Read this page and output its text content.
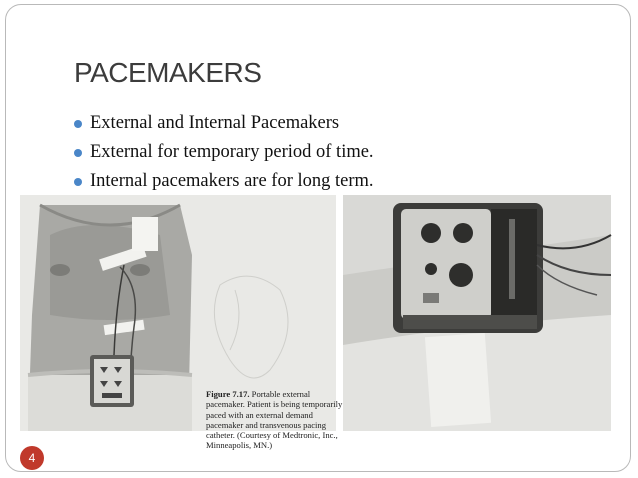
PACEMAKERS
External and Internal Pacemakers
External for temporary period of time.
Internal pacemakers are for long term.
Figure 7.17. Portable external pacemaker. Patient is being temporarily paced with an external demand pacemaker and transvenous pacing catheter. (Courtesy of Medtronic, Inc., Minneapolis, MN.)
4
